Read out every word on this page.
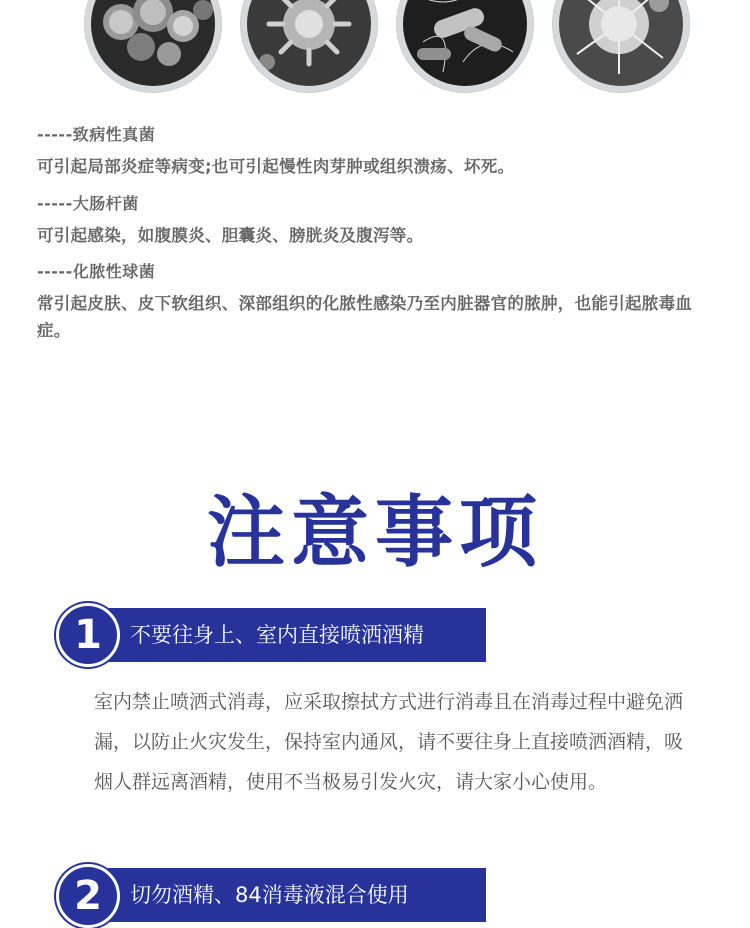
-----致病性真菌

可引起局部炎症等病变;也可引起慢性肉芽肿或组织溃疡、坏死。

-----大肠杆菌

可引起感染，如腹膜炎、胆囊炎、膀胱炎及腹泻等。

-----化脓性球菌

常引起皮肤、皮下软组织、深部组织的化脓性感染乃至内脏器官的脓肿，也能引起脓毒血症。

注意事项
不要往身上、室内直接喷洒酒精
1

室内禁止喷洒式消毒，应采取擦拭方式进行消毒且在消毒过程中避免洒漏，以防止火灾发生，保持室内通风，请不要往身上直接喷洒酒精，吸烟人群远离酒精，使用不当极易引发火灾，请大家小心使用。

切勿酒精、84消毒液混合使用
2
